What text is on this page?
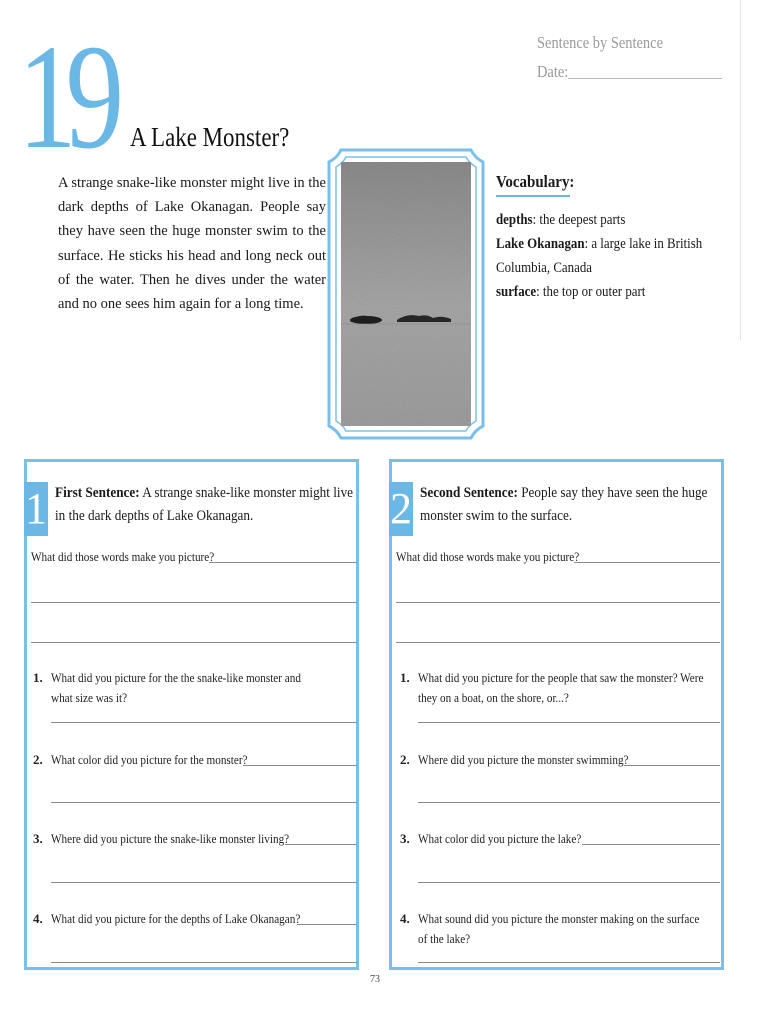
19 A Lake Monster?
Sentence by Sentence
Date:
A strange snake-like monster might live in the dark depths of Lake Okanagan. People say they have seen the huge monster swim to the surface. He sticks his head and long neck out of the water. Then he dives under the water and no one sees him again for a long time.
Vocabulary:
depths: the deepest parts
Lake Okanagan: a large lake in British Columbia, Canada
surface: the top or outer part
1 First Sentence: A strange snake-like monster might live in the dark depths of Lake Okanagan.
What did those words make you picture?
1. What did you picture for the the snake-like monster and what size was it?
2. What color did you picture for the monster?
3. Where did you picture the snake-like monster living?
4. What did you picture for the depths of Lake Okanagan?
2 Second Sentence: People say they have seen the huge monster swim to the surface.
What did those words make you picture?
1. What did you picture for the people that saw the monster? Were they on a boat, on the shore, or...?
2. Where did you picture the monster swimming?
3. What color did you picture the lake?
4. What sound did you picture the monster making on the surface of the lake?
73
